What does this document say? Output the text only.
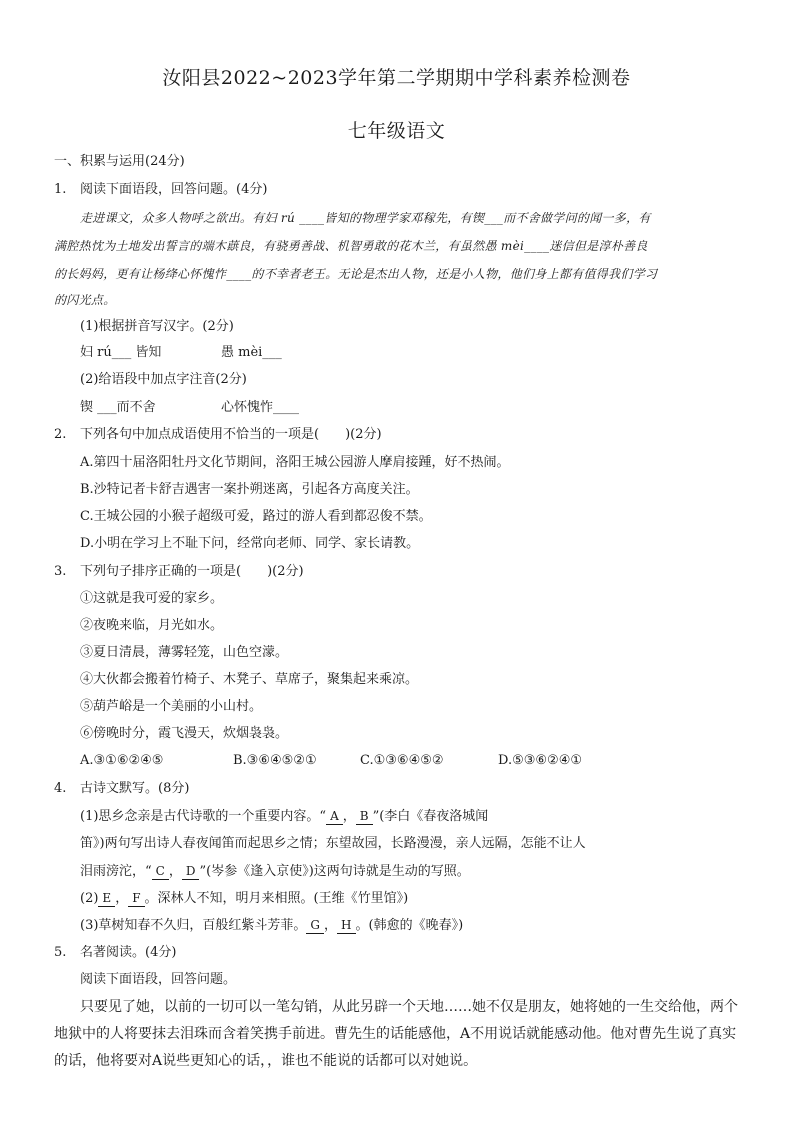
汝阳县2022~2023学年第二学期期中学科素养检测卷
七年级语文
一、积累与运用(24分)
1. 阅读下面语段，回答问题。(4分)
走进课文，众多人物呼之欲出。有妇 rú ____皆知的物理学家邓稼先，有锲___而不舍做学问的闻一多，有
满腔热忱为土地发出誓言的端木蕻良，有骁勇善战、机智勇敢的花木兰，有虽然愚 mèi____迷信但是淳朴善良
的长妈妈，更有让杨绛心怀愧怍____的不幸者老王。无论是杰出人物，还是小人物，他们身上都有值得我们学习
的闪光点。
(1)根据拼音写汉字。(2分)
妇 rú___ 皆知	愚 mèi___
(2)给语段中加点字注音(2分)
锲 ___而不舍	心怀愧怍____
2. 下列各句中加点成语使用不恰当的一项是(　　)(2分)
A.第四十届洛阳牡丹文化节期间，洛阳王城公园游人摩肩接踵，好不热闹。
B.沙特记者卡舒吉遇害一案扑朔迷离，引起各方高度关注。
C.王城公园的小猴子超级可爱，路过的游人看到都忍俊不禁。
D.小明在学习上不耻下问，经常向老师、同学、家长请教。
3. 下列句子排序正确的一项是(　　)(2分)
①这就是我可爱的家乡。
②夜晚来临，月光如水。
③夏日清晨，薄雾轻笼，山色空濛。
④大伙都会搬着竹椅子、木凳子、草席子，聚集起来乘凉。
⑤葫芦峪是一个美丽的小山村。
⑥傍晚时分，霞飞漫天，炊烟袅袅。
A.③①⑥②④⑤	B.③⑥④⑤②①	C.①③⑥④⑤②	D.⑤③⑥②④①
4. 古诗文默写。(8分)
(1)思乡念亲是古代诗歌的一个重要内容。“ A ， B ”(李白《春夜洛城闻
笛》)两句写出诗人春夜闻笛而起思乡之情；东望故园，长路漫漫，亲人远隔，怎能不让人
泪雨滂沱，“ C ， D ”(岑参《逢入京使》)这两句诗就是生动的写照。
(2) E ， F 。深林人不知，明月来相照。(王维《竹里馆》)
(3)草树知春不久归，百般红紫斗芳菲。 G ， H 。(韩愈的《晚春》)
5. 名著阅读。(4分)
阅读下面语段，回答问题。
只要见了她，以前的一切可以一笔勾销，从此另辟一个天地……她不仅是朋友，她将她的一生交给他，两个
地狱中的人将要抹去泪珠而含着笑携手前进。曹先生的话能感他，A不用说话就能感动他。他对曹先生说了真实
的话，他将要对A说些更知心的话，，谁也不能说的话都可以对她说。
